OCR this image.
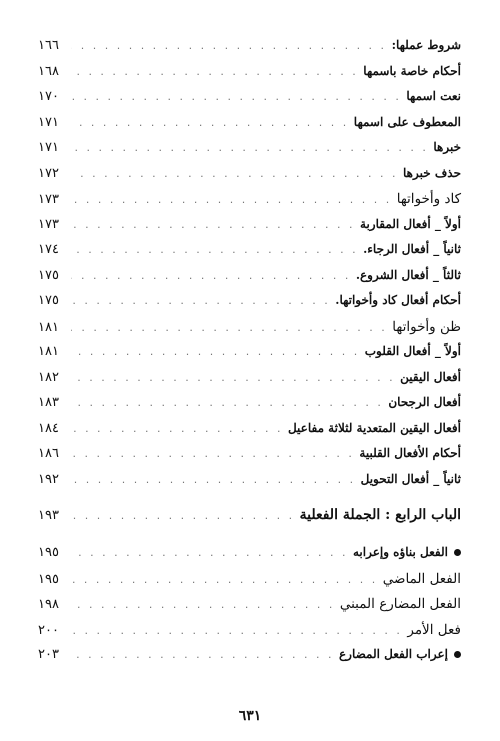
شروط عملها:
. . .
١٦٦
أحكام خاصة باسمها
. . .
١٦٨
نعت اسمها
. . .
١٧٠
المعطوف على اسمها
. . .
١٧١
خبرها
. . .
١٧١
حذف خبرها
. . .
١٧٢
كاد وأخواتها
. . .
١٧٣
أولاً _ أفعال المقاربة
. . .
١٧٣
ثانياً _ أفعال الرجاء.
. . .
١٧٤
ثالثاً _ أفعال الشروع.
. . .
١٧٥
أحكام أفعال كاد وأخواتها.
. . .
١٧٥
ظن وأخواتها
. . .
١٨١
أولاً _ أفعال القلوب
. . .
١٨١
أفعال اليقين
. . .
١٨٢
أفعال الرجحان
. . .
١٨٣
أفعال اليقين المتعدية لثلاثة مفاعيل
. . .
١٨٤
أحكام الأفعال القلبية
. . .
١٨٦
ثانياً _ أفعال التحويل
. . .
١٩٢
الباب الرابع : الجملة الفعلية
. . .
١٩٣
الفعل بناؤه وإعرابه
. . .
١٩٥
الفعل الماضي
. . .
١٩٥
الفعل المضارع المبني
. . .
١٩٨
فعل الأمر
. . .
٢٠٠
إعراب الفعل المضارع
. . .
٢٠٣
٦٣١
